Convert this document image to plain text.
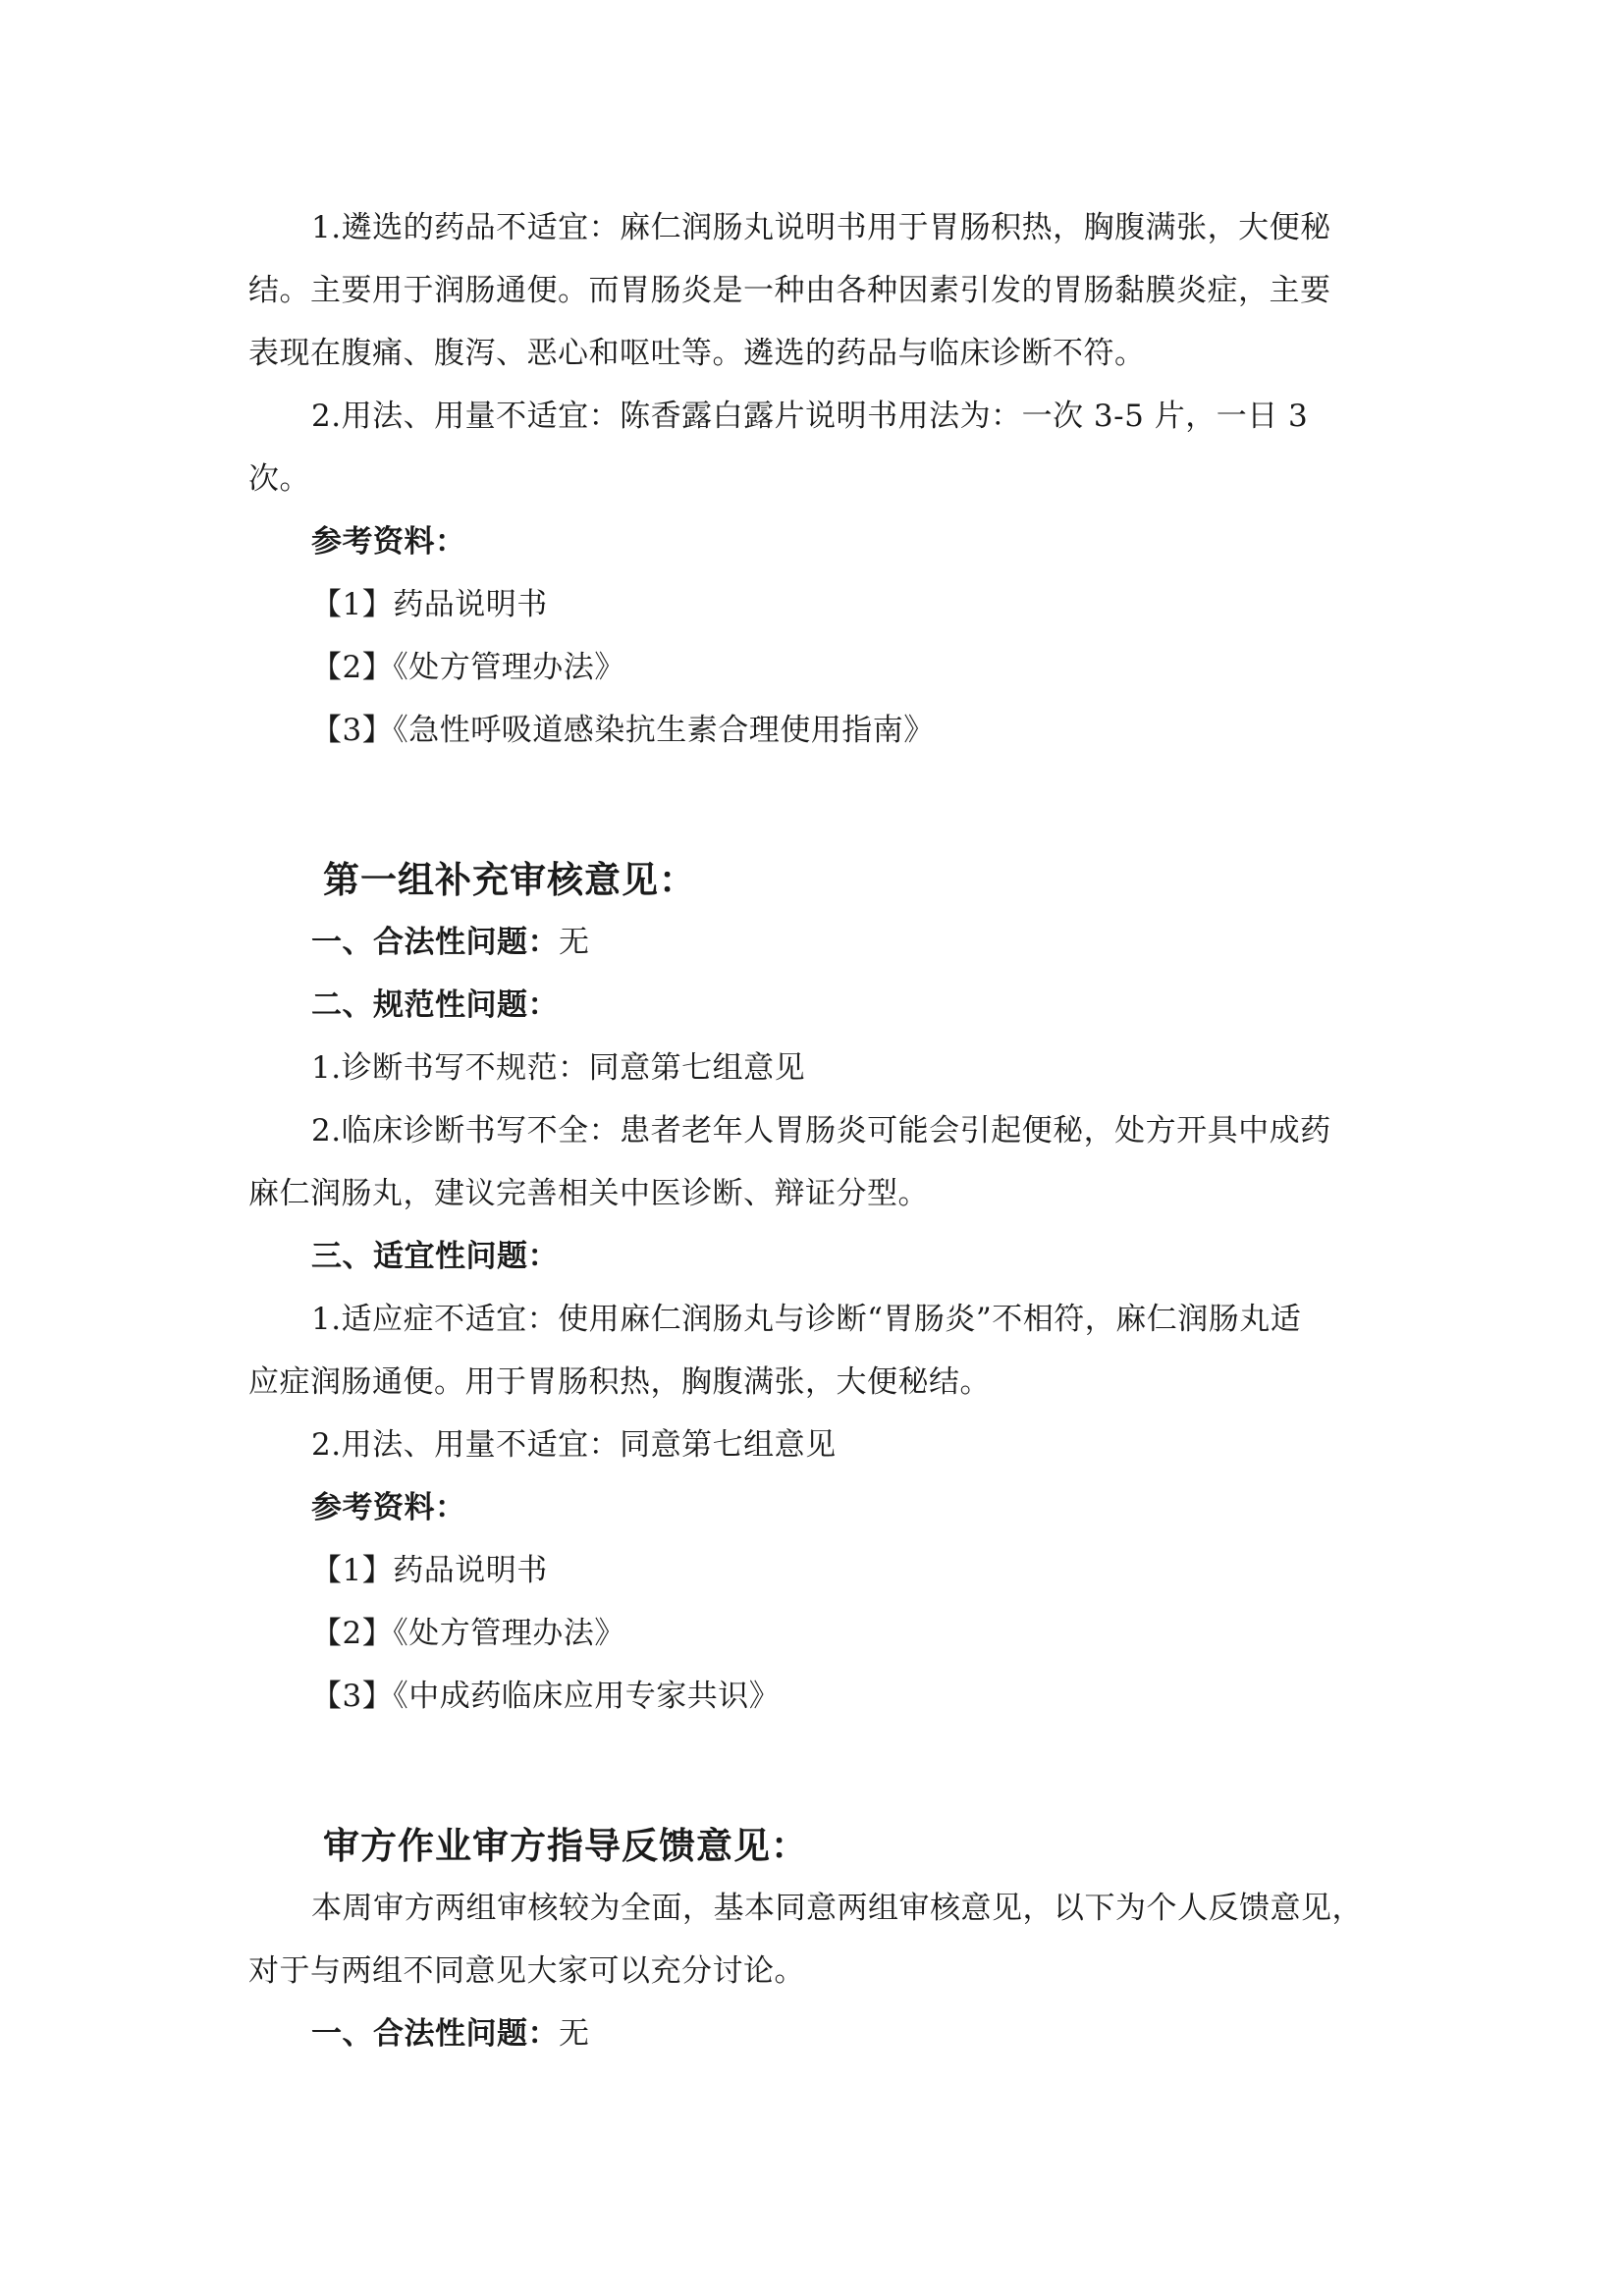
1.遴选的药品不适宜：麻仁润肠丸说明书用于胃肠积热，胸腹满张，大便秘

结。主要用于润肠通便。而胃肠炎是一种由各种因素引发的胃肠黏膜炎症，主要

表现在腹痛、腹泻、恶心和呕吐等。遴选的药品与临床诊断不符。

2.用法、用量不适宜：陈香露白露片说明书用法为：一次 3-5 片，一日 3

次。

参考资料：

【1】药品说明书

【2】《处方管理办法》

【3】《急性呼吸道感染抗生素合理使用指南》

第一组补充审核意见：

一、合法性问题：无

二、规范性问题：

1.诊断书写不规范：同意第七组意见

2.临床诊断书写不全：患者老年人胃肠炎可能会引起便秘，处方开具中成药

麻仁润肠丸，建议完善相关中医诊断、辩证分型。

三、适宜性问题：

1.适应症不适宜：使用麻仁润肠丸与诊断“胃肠炎”不相符，麻仁润肠丸适

应症润肠通便。用于胃肠积热，胸腹满张，大便秘结。

2.用法、用量不适宜：同意第七组意见

参考资料：

【1】药品说明书

【2】《处方管理办法》

【3】《中成药临床应用专家共识》

审方作业审方指导反馈意见：

本周审方两组审核较为全面，基本同意两组审核意见，以下为个人反馈意见，

对于与两组不同意见大家可以充分讨论。

一、合法性问题：无
